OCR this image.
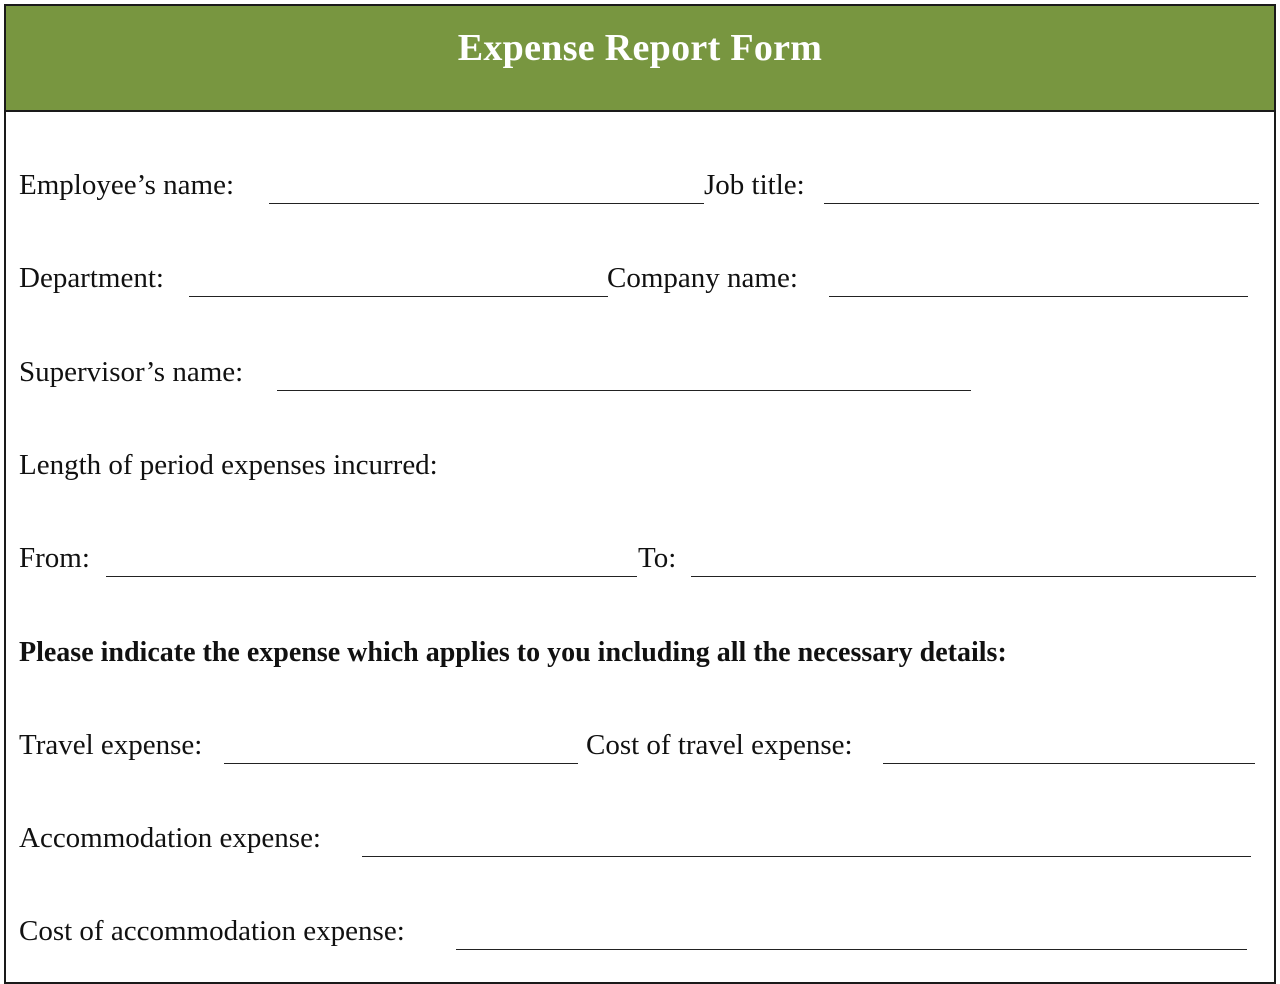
Expense Report Form
Employee’s name:	Job title:
Department:	Company name:
Supervisor’s name:
Length of period expenses incurred:
From:	To:
Please indicate the expense which applies to you including all the necessary details:
Travel expense:	Cost of travel expense:
Accommodation expense:
Cost of accommodation expense:
